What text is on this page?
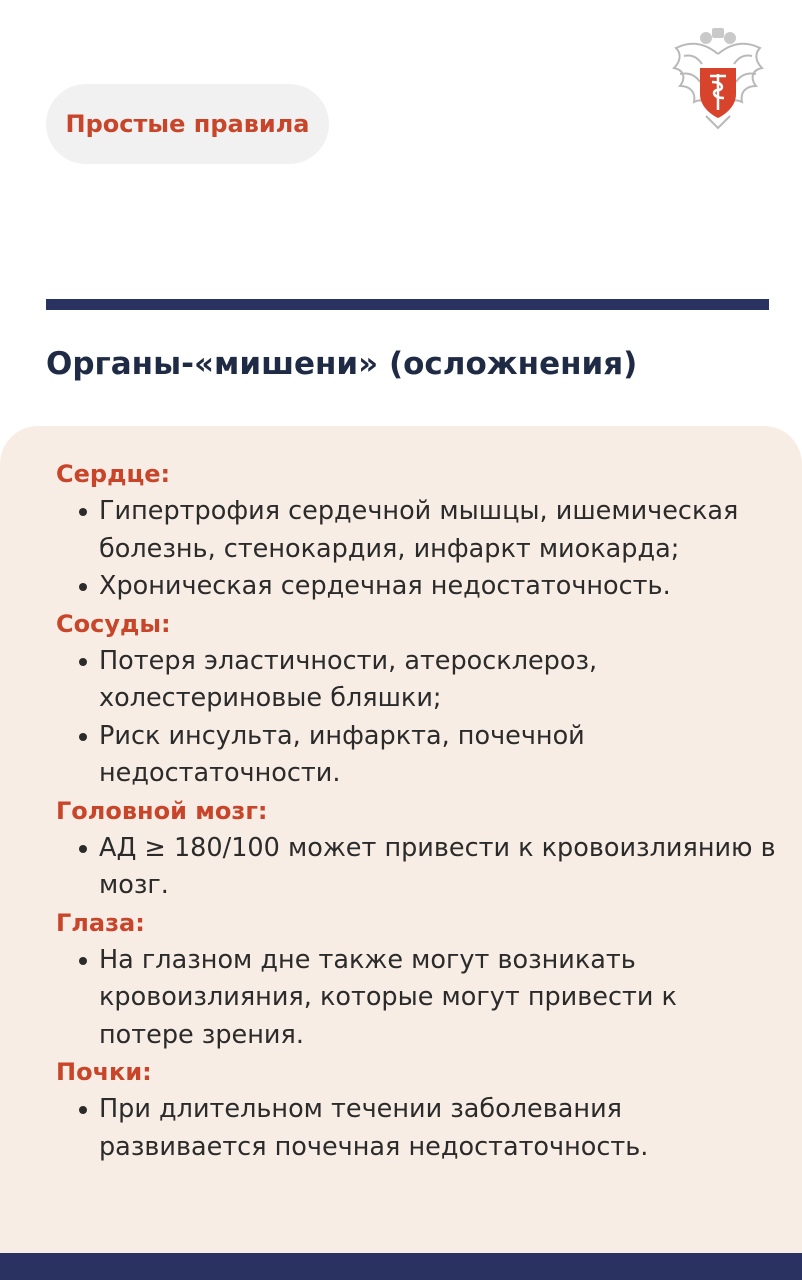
Простые правила
Органы-«мишени» (осложнения)
Сердце:
Гипертрофия сердечной мышцы, ишемическая болезнь, стенокардия, инфаркт миокарда;
Хроническая сердечная недостаточность.
Сосуды:
Потеря эластичности, атеросклероз, холестериновые бляшки;
Риск инсульта, инфаркта, почечной недостаточности.
Головной мозг:
АД ≥ 180/100 может привести к кровоизлиянию в мозг.
Глаза:
На глазном дне также могут возникать кровоизлияния, которые могут привести к потере зрения.
Почки:
При длительном течении заболевания развивается почечная недостаточность.
